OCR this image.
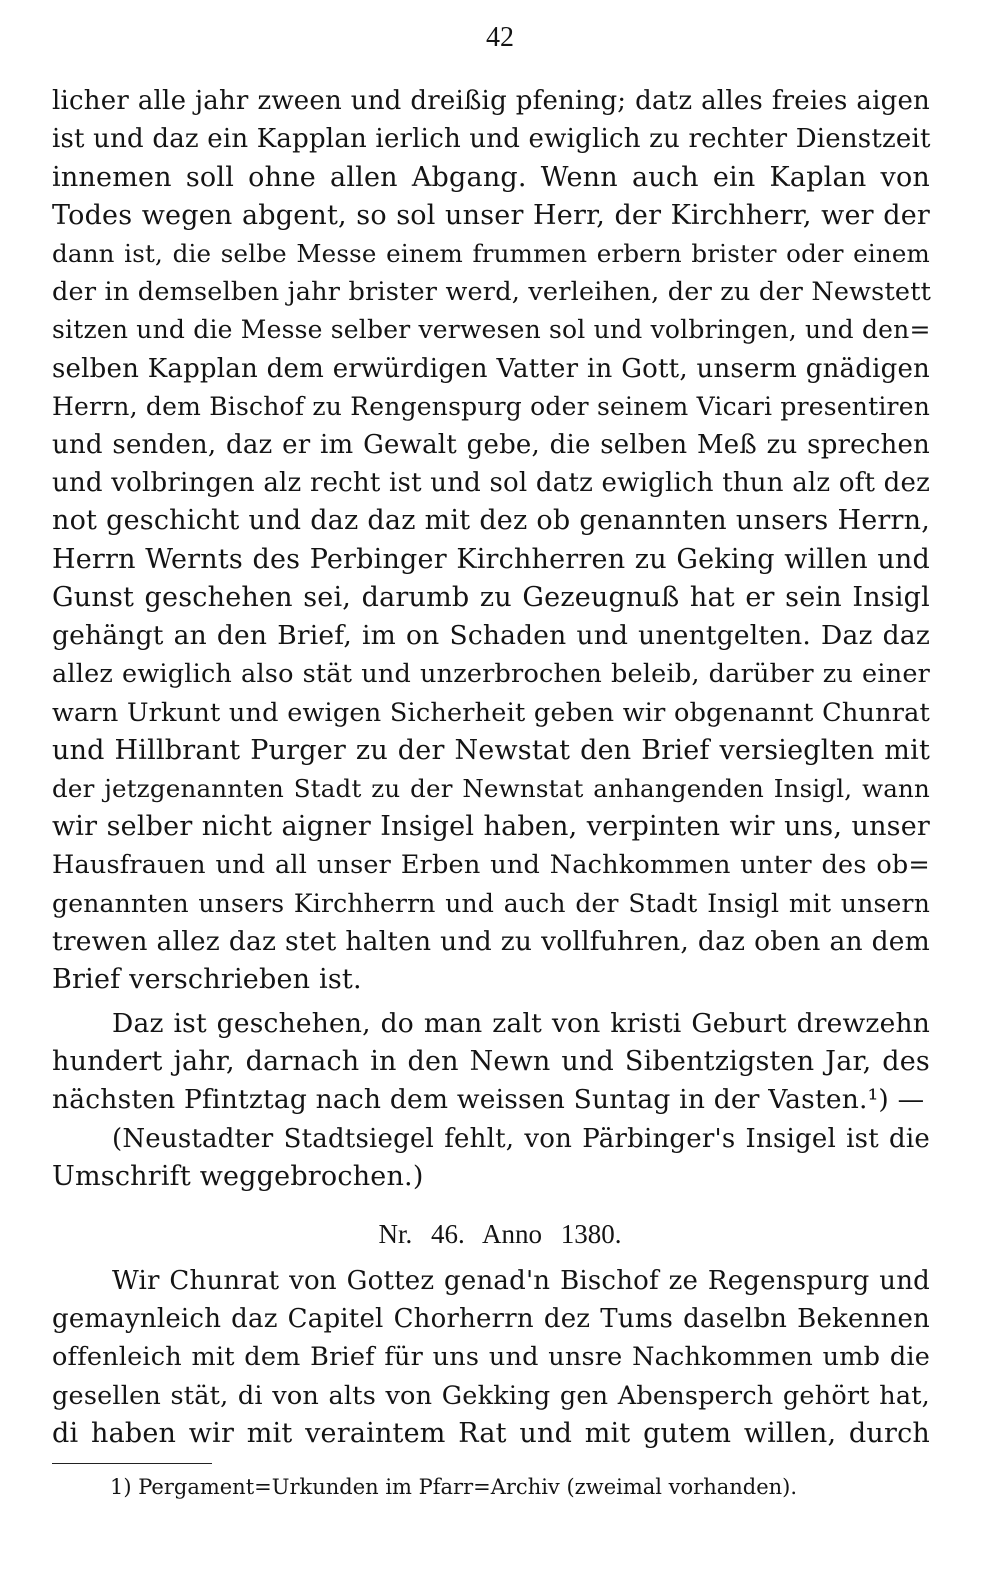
42
licher alle jahr zween und dreißig pfening; datz alles freies aigen
ist und daz ein Kapplan ierlich und ewiglich zu rechter Dienstzeit
innemen soll ohne allen Abgang. Wenn auch ein Kaplan von
Todes wegen abgent, so sol unser Herr, der Kirchherr, wer der
dann ist, die selbe Messe einem frummen erbern brister oder einem
der in demselben jahr brister werd, verleihen, der zu der Newstett
sitzen und die Messe selber verwesen sol und volbringen, und den=
selben Kapplan dem erwürdigen Vatter in Gott, unserm gnädigen
Herrn, dem Bischof zu Rengenspurg oder seinem Vicari presentiren
und senden, daz er im Gewalt gebe, die selben Meß zu sprechen
und volbringen alz recht ist und sol datz ewiglich thun alz oft dez
not geschicht und daz daz mit dez ob genannten unsers Herrn,
Herrn Wernts des Perbinger Kirchherren zu Geking willen und
Gunst geschehen sei, darumb zu Gezeugnuß hat er sein Insigl
gehängt an den Brief, im on Schaden und unentgelten. Daz daz
allez ewiglich also stät und unzerbrochen beleib, darüber zu einer
warn Urkunt und ewigen Sicherheit geben wir obgenannt Chunrat
und Hillbrant Purger zu der Newstat den Brief versieglten mit
der jetzgenannten Stadt zu der Newnstat anhangenden Insigl, wann
wir selber nicht aigner Insigel haben, verpinten wir uns, unser
Hausfrauen und all unser Erben und Nachkommen unter des ob=
genannten unsers Kirchherrn und auch der Stadt Insigl mit unsern
trewen allez daz stet halten und zu vollfuhren, daz oben an dem
Brief verschrieben ist.
Daz ist geschehen, do man zalt von kristi Geburt drewzehn
hundert jahr, darnach in den Newn und Sibentzigsten Jar, des
nächsten Pfintztag nach dem weissen Suntag in der Vasten.¹) —
(Neustadter Stadtsiegel fehlt, von Pärbinger's Insigel ist die
Umschrift weggebrochen.)
Nr. 46. Anno 1380.
Wir Chunrat von Gottez genad'n Bischof ze Regenspurg und
gemaynleich daz Capitel Chorherrn dez Tums daselbn Bekennen
offenleich mit dem Brief für uns und unsre Nachkommen umb die
gesellen stät, di von alts von Gekking gen Abensperch gehört hat,
di haben wir mit veraintem Rat und mit gutem willen, durch
1) Pergament=Urkunden im Pfarr=Archiv (zweimal vorhanden).
